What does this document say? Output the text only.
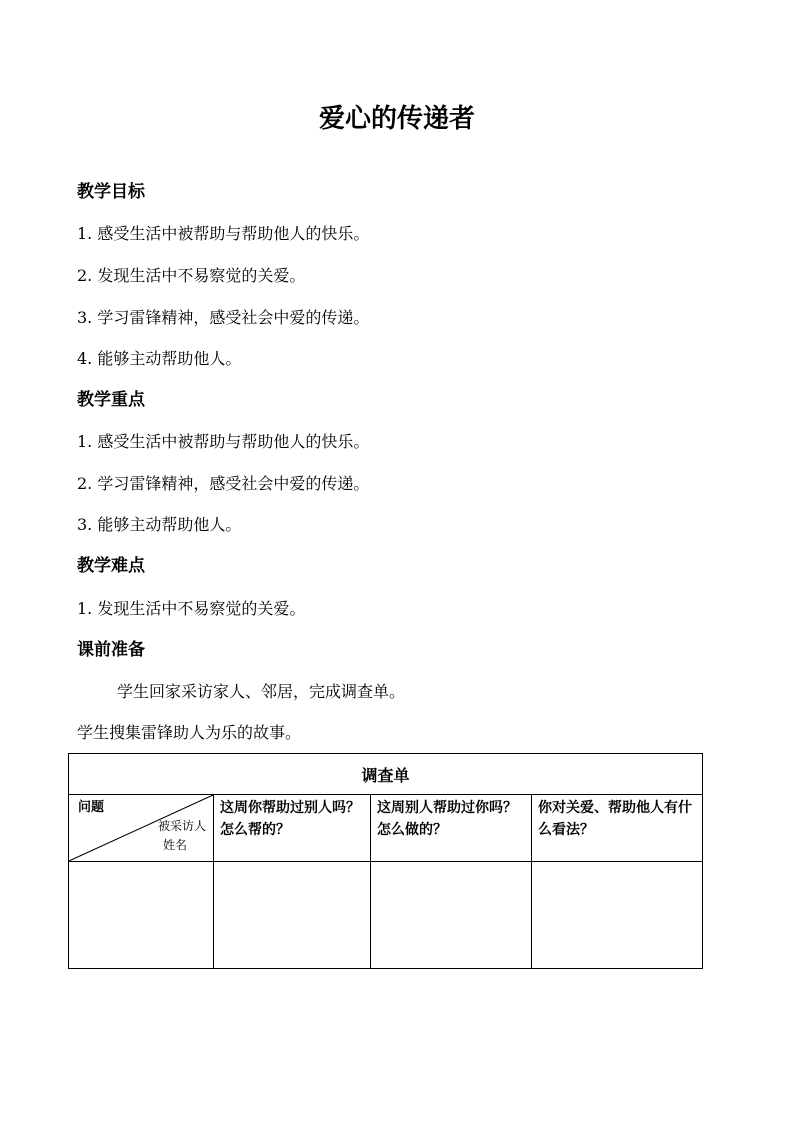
爱心的传递者
教学目标

1. 感受生活中被帮助与帮助他人的快乐。

2. 发现生活中不易察觉的关爱。

3. 学习雷锋精神，感受社会中爱的传递。

4. 能够主动帮助他人。

教学重点

1. 感受生活中被帮助与帮助他人的快乐。

2. 学习雷锋精神，感受社会中爱的传递。

3. 能够主动帮助他人。

教学难点

1. 发现生活中不易察觉的关爱。

课前准备

学生回家采访家人、邻居，完成调查单。

学生搜集雷锋助人为乐的故事。

调查单			

问题
被采访人
姓名	这周你帮助过别人吗？怎么帮的？	这周别人帮助过你吗？怎么做的？	你对关爱、帮助他人有什么看法？
